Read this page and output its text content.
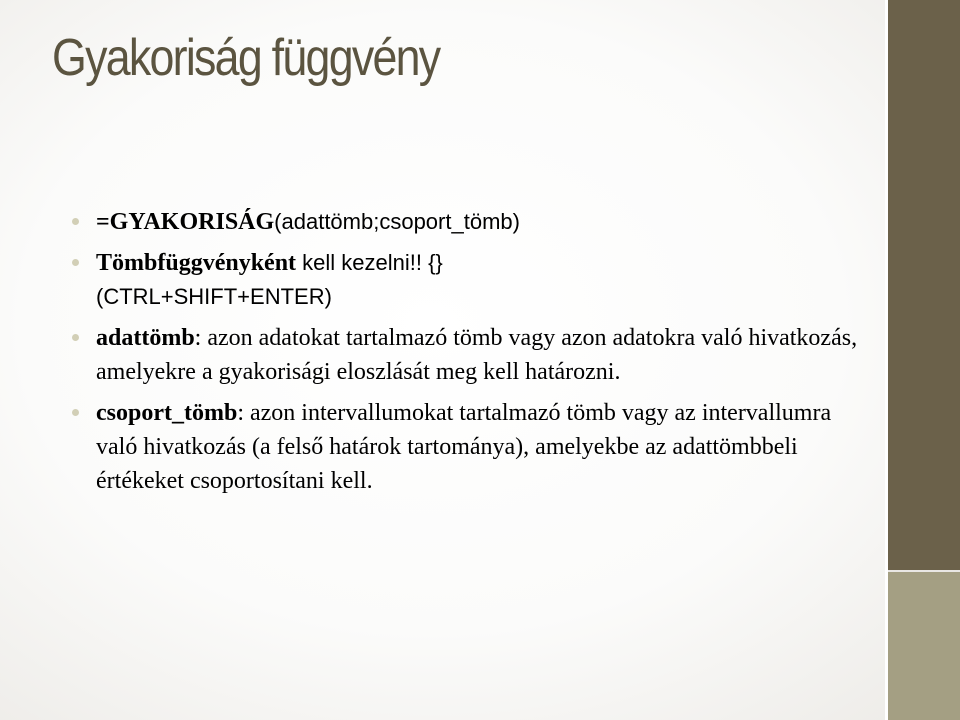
Gyakoriság függvény
=GYAKORISÁG(adattömb;csoport_tömb)
Tömbfüggvényként kell kezelni!! {}
(CTRL+SHIFT+ENTER)
adattömb: azon adatokat tartalmazó tömb vagy azon adatokra való hivatkozás, amelyekre a gyakorisági eloszlását meg kell határozni.
csoport_tömb: azon intervallumokat tartalmazó tömb vagy az intervallumra való hivatkozás (a felső határok tartománya), amelyekbe az adattömbbeli értékeket csoportosítani kell.
